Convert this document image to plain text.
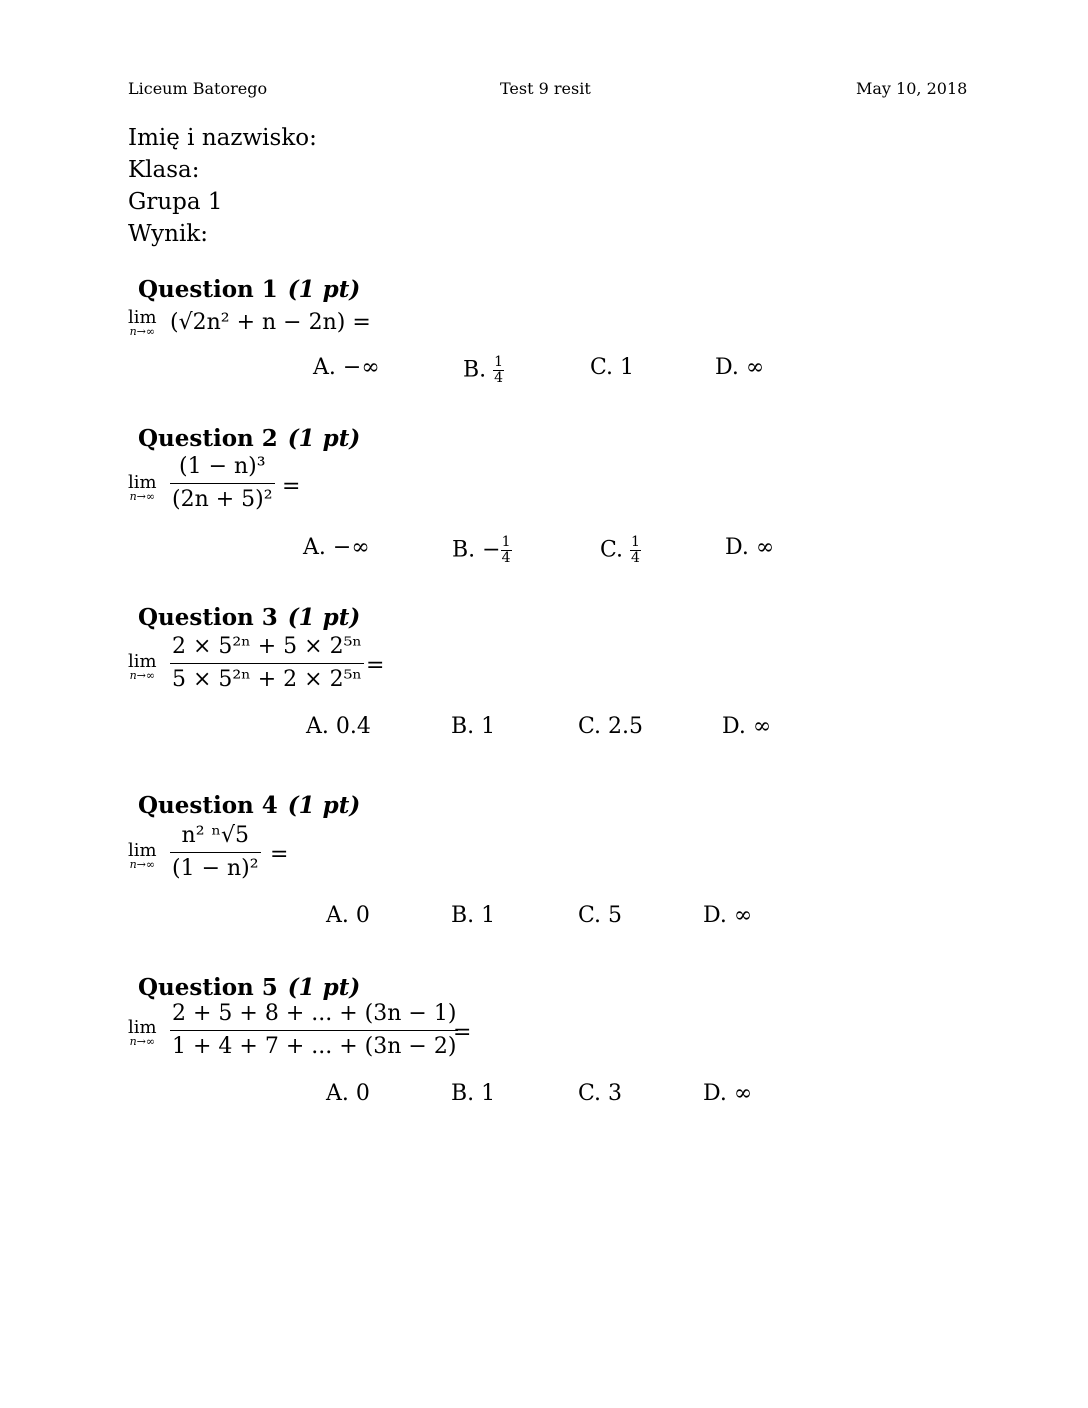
Liceum Batorego	Test 9 resit	May 10, 2018
Imię i nazwisko:
Klasa:
Grupa 1
Wynik:
Question 1 (1 pt)
lim
n→∞ (√2n² + n − 2n) =
A. −∞	B. $\frac{1}{4}$	C. 1	D. ∞
Question 2 (1 pt)
lim
$n\to\infty \frac{\text{(1 − n)³}}{\text{(2n + 5)²}}$ =
A. −∞	B. − $\frac{1}{4}$	C. $\frac{1}{4}$	D. ∞
Question 3 (1 pt)
lim
$n\to\infty \frac{\text{2 × 5²ⁿ + 5 × 2⁵ⁿ}}{\text{5 × 5²ⁿ + 2 × 2⁵ⁿ}}$ =
A. 0.4	B. 1	C. 2.5	D. ∞
Question 4 (1 pt)
lim
$n\to\infty \frac{\text{n² ⁿ√5}}{\text{(1 − n)²}}$ =
A. 0	B. 1	C. 5	D. ∞
Question 5 (1 pt)
lim
$n\to\infty \frac{2 + 5 + 8 + ... + (3n - 1)}{1 + 4 + 7 + ... + (3n - 2)}$
=
A. 0	B. 1	C. 3	D. ∞
